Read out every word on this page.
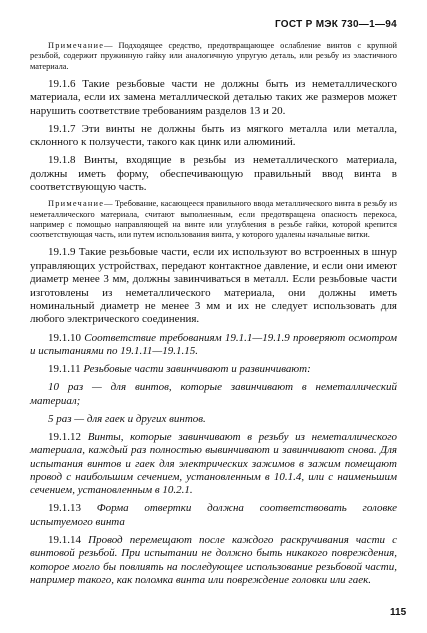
ГОСТ Р МЭК 730—1—94

Примечание— Подходящее средство, предотвращающее ослабление винтов с крупной резьбой, содержит пружинную гайку или аналогичную упругую деталь, или резьбу из эластичного материала.

19.1.6 Такие резьбовые части не должны быть из неметаллического материала, если их замена металлической деталью таких же размеров может нарушить соответствие требованиям разделов 13 и 20.

19.1.7 Эти винты не должны быть из мягкого металла или металла, склонного к ползучести, такого как цинк или алюминий.

19.1.8 Винты, входящие в резьбы из неметаллического материала, должны иметь форму, обеспечивающую правильный ввод винта в соответствующую часть.

Примечание— Требование, касающееся правильного ввода металлического винта в резьбу из неметаллического материала, считают выполненным, если предотвращена опасность перекоса, например с помощью направляющей на винте или углубления в резьбе гайки, которой крепится соответствующая часть, или путем использования винта, у которого удалены начальные витки.

19.1.9 Такие резьбовые части, если их используют во встроенных в шнур управляющих устройствах, передают контактное давление, и если они имеют диаметр менее 3 мм, должны завинчиваться в металл. Если резьбовые части изготовлены из неметаллического материала, они должны иметь номинальный диаметр не менее 3 мм и их не следует использовать для любого электрического соединения.

19.1.10 Соответствие требованиям 19.1.1—19.1.9 проверяют осмотром и испытаниями по 19.1.11—19.1.15.

19.1.11 Резьбовые части завинчивают и развинчивают:

10 раз — для винтов, которые завинчивают в неметаллический материал;

5 раз — для гаек и других винтов.

19.1.12 Винты, которые завинчивают в резьбу из неметаллического материала, каждый раз полностью вывинчивают и завинчивают снова. Для испытания винтов и гаек для электрических зажимов в зажим помещают провод с наибольшим сечением, установленным в 10.1.4, или с наименьшим сечением, установленным в 10.2.1.

19.1.13 Форма отвертки должна соответствовать головке испытуемого винта

19.1.14 Провод перемещают после каждого раскручивания части с винтовой резьбой. При испытании не должно быть никакого повреждения, которое могло бы повлиять на последующее использование резьбовой части, например такого, как поломка винта или повреждение головки или гаек.

115
